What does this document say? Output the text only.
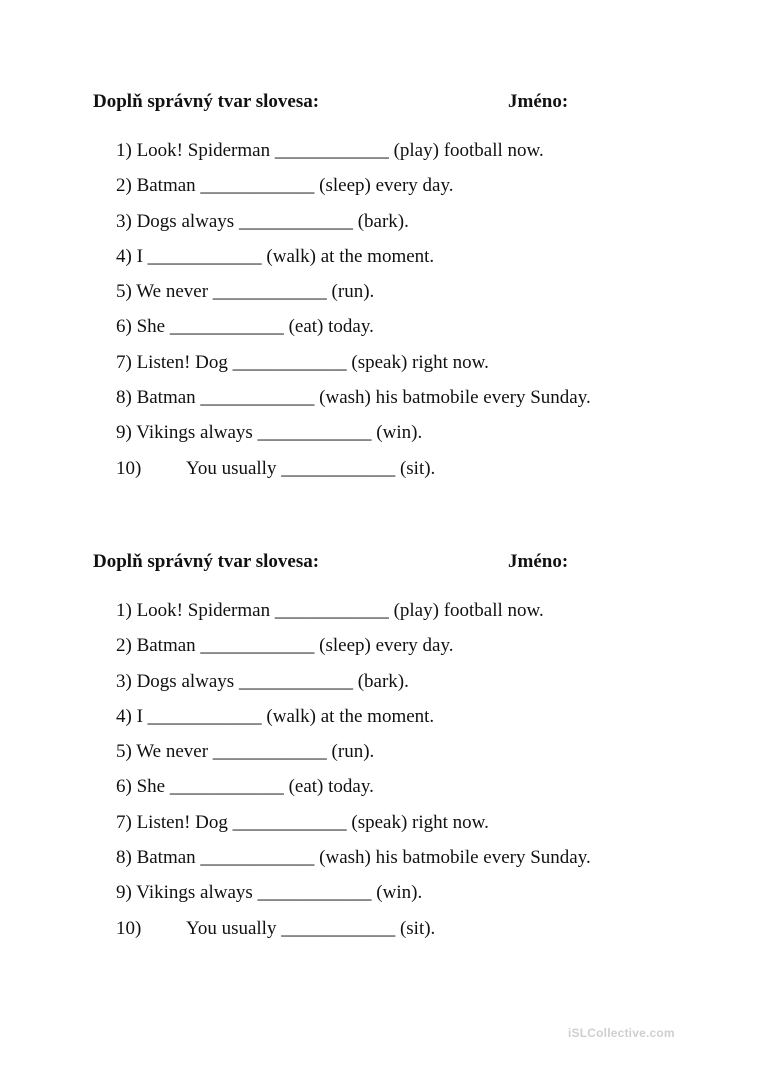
Doplň správný tvar slovesa:	Jméno:
1) Look! Spiderman ____________ (play) football now.
2) Batman ____________ (sleep) every day.
3) Dogs always ____________ (bark).
4) I ____________ (walk) at the moment.
5) We never ____________ (run).
6) She ____________ (eat) today.
7) Listen! Dog ____________ (speak) right now.
8) Batman ____________ (wash) his batmobile every Sunday.
9) Vikings always ____________ (win).
10) You usually ____________ (sit).
Doplň správný tvar slovesa:	Jméno:
1) Look! Spiderman ____________ (play) football now.
2) Batman ____________ (sleep) every day.
3) Dogs always ____________ (bark).
4) I ____________ (walk) at the moment.
5) We never ____________ (run).
6) She ____________ (eat) today.
7) Listen! Dog ____________ (speak) right now.
8) Batman ____________ (wash) his batmobile every Sunday.
9) Vikings always ____________ (win).
10) You usually ____________ (sit).
iSLCollective.com
